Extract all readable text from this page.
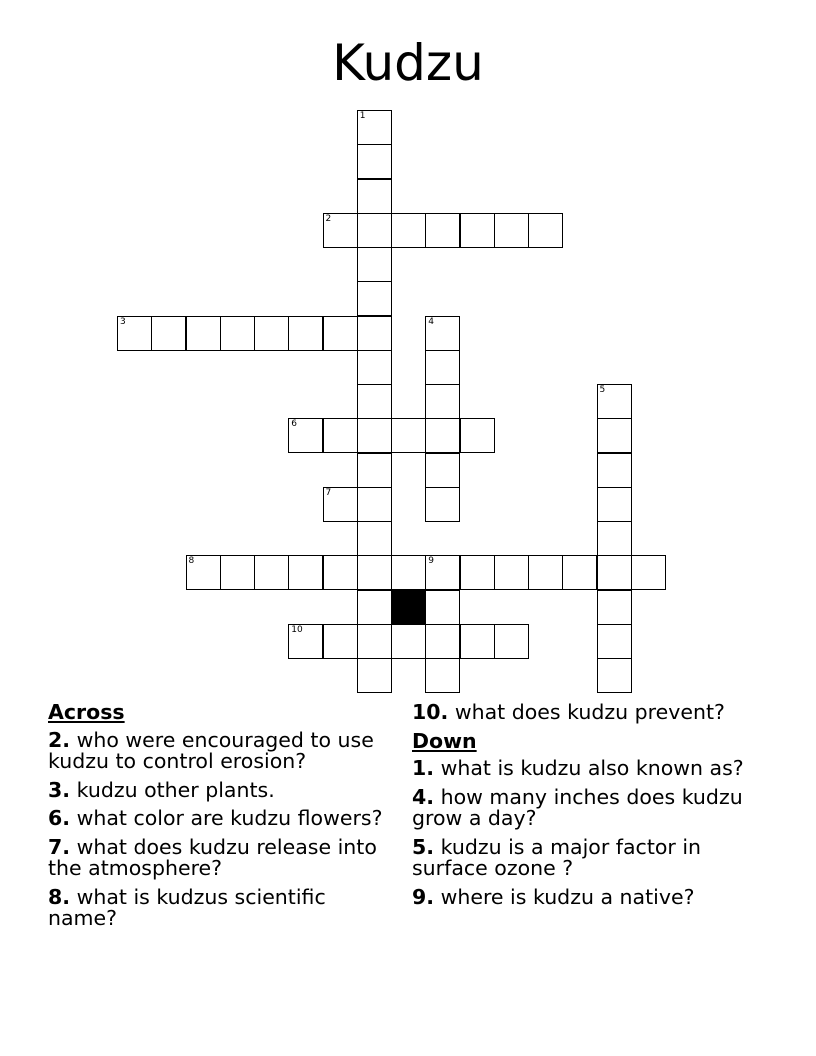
Kudzu
1
2
3	4
5
6
7
8	9
10
Across
2. who were encouraged to use kudzu to control erosion?
3. kudzu other plants.
6. what color are kudzu flowers?
7. what does kudzu release into the atmosphere?
8. what is kudzus scientific name?
10. what does kudzu prevent?
Down
1. what is kudzu also known as?
4. how many inches does kudzu grow a day?
5. kudzu is a major factor in surface ozone ?
9. where is kudzu a native?
